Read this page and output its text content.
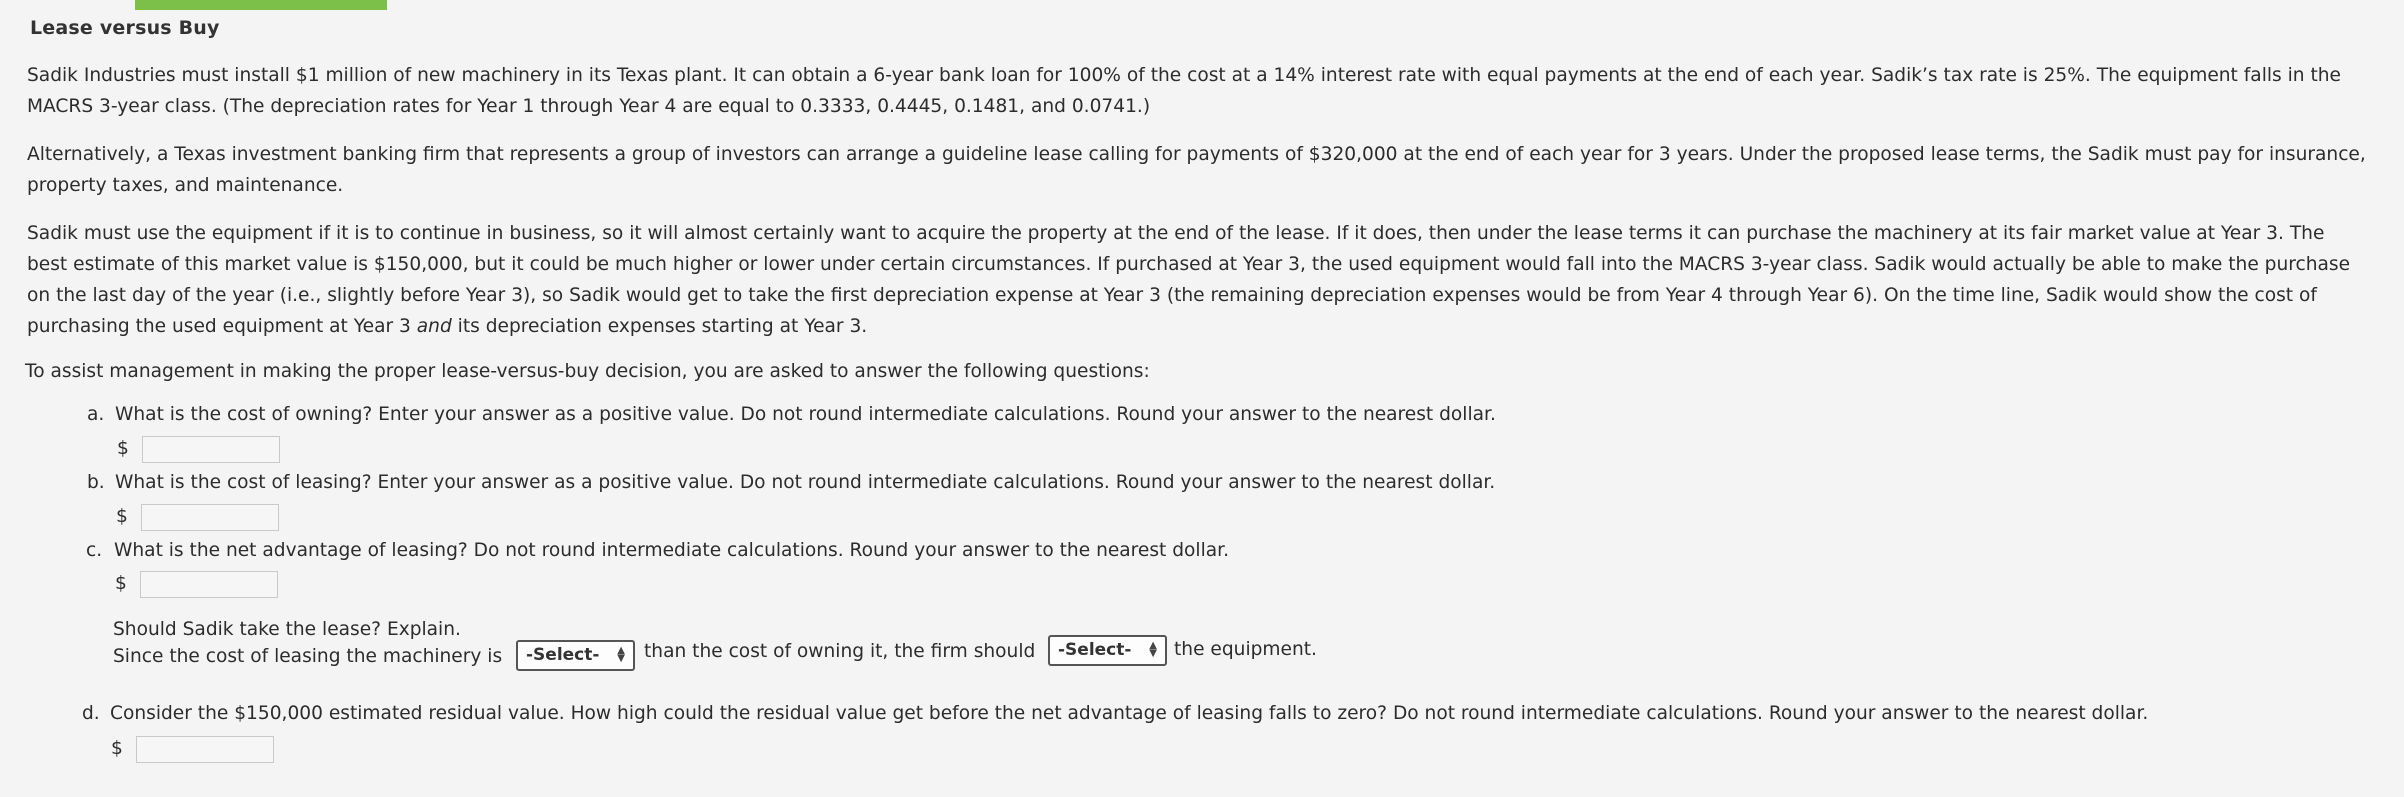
Lease versus Buy
Sadik Industries must install $1 million of new machinery in its Texas plant. It can obtain a 6-year bank loan for 100% of the cost at a 14% interest rate with equal payments at the end of each year. Sadik’s tax rate is 25%. The equipment falls in the
MACRS 3-year class. (The depreciation rates for Year 1 through Year 4 are equal to 0.3333, 0.4445, 0.1481, and 0.0741.)
Alternatively, a Texas investment banking firm that represents a group of investors can arrange a guideline lease calling for payments of $320,000 at the end of each year for 3 years. Under the proposed lease terms, the Sadik must pay for insurance,
property taxes, and maintenance.
Sadik must use the equipment if it is to continue in business, so it will almost certainly want to acquire the property at the end of the lease. If it does, then under the lease terms it can purchase the machinery at its fair market value at Year 3. The
best estimate of this market value is $150,000, but it could be much higher or lower under certain circumstances. If purchased at Year 3, the used equipment would fall into the MACRS 3-year class. Sadik would actually be able to make the purchase
on the last day of the year (i.e., slightly before Year 3), so Sadik would get to take the first depreciation expense at Year 3 (the remaining depreciation expenses would be from Year 4 through Year 6). On the time line, Sadik would show the cost of
purchasing the used equipment at Year 3 and its depreciation expenses starting at Year 3.
To assist management in making the proper lease-versus-buy decision, you are asked to answer the following questions:
a. What is the cost of owning? Enter your answer as a positive value. Do not round intermediate calculations. Round your answer to the nearest dollar.
$
b. What is the cost of leasing? Enter your answer as a positive value. Do not round intermediate calculations. Round your answer to the nearest dollar.
$
c. What is the net advantage of leasing? Do not round intermediate calculations. Round your answer to the nearest dollar.
$
Should Sadik take the lease? Explain.
Since the cost of leasing the machinery is	-Select- ▲
▼ than the cost of owning it, the firm should	-Select- ▲
▼ the equipment.
d. Consider the $150,000 estimated residual value. How high could the residual value get before the net advantage of leasing falls to zero? Do not round intermediate calculations. Round your answer to the nearest dollar.
$
